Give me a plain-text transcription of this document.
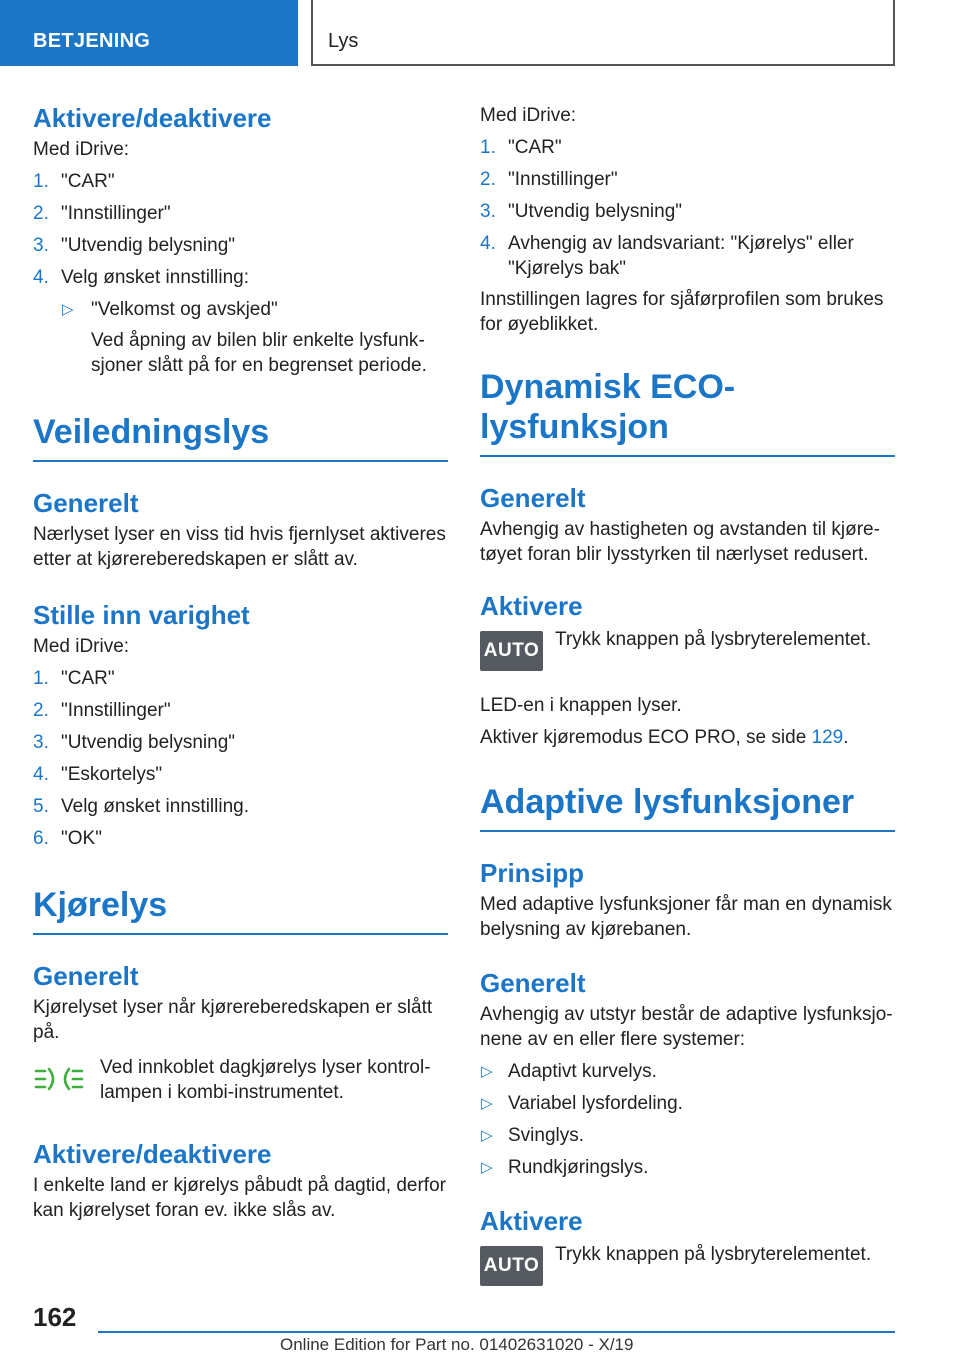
BETJENING	Lys
Aktivere/deaktivere

Med iDrive:

1. "CAR"
2. "Innstillinger"
3. "Utvendig belysning"
4. Velg ønsket innstilling:
▷ "Velkomst og avskjed"

Ved åpning av bilen blir enkelte lysfunksjoner slått på for en begrenset periode.

Veiledningslys
Generelt

Nærlyset lyser en viss tid hvis fjernlyset aktiveres etter at kjørereberedskapen er slått av.

Stille inn varighet

Med iDrive:

1. "CAR"
2. "Innstillinger"
3. "Utvendig belysning"
4. "Eskortelys"
5. Velg ønsket innstilling.
6. "OK"
Kjørelys
Generelt

Kjørelyset lyser når kjørereberedskapen er slått på.

Ved innkoblet dagkjørelys lyser kontrollampen i kombi-instrumentet.

Aktivere/deaktivere

I enkelte land er kjørelys påbudt på dagtid, derfor kan kjørelyset foran ev. ikke slås av.

Med iDrive:

1. "CAR"
2. "Innstillinger"
3. "Utvendig belysning"
4. Avhengig av landsvariant: "Kjørelys" eller "Kjørelys bak"

Innstillingen lagres for sjåførprofilen som brukes for øyeblikket.

Dynamisk ECO-lysfunksjon
Generelt

Avhengig av hastigheten og avstanden til kjøretøyet foran blir lysstyrken til nærlyset redusert.

Aktivere
AUTO

Trykk knappen på lysbryterelementet.

LED-en i knappen lyser.

Aktiver kjøremodus ECO PRO, se side 129.

Adaptive lysfunksjoner
Prinsipp

Med adaptive lysfunksjoner får man en dynamisk belysning av kjørebanen.

Generelt

Avhengig av utstyr består de adaptive lysfunksjonene av en eller flere systemer:

▷ Adaptivt kurvelys.
▷ Variabel lysfordeling.
▷ Svinglys.
▷ Rundkjøringslys.
Aktivere
AUTO

Trykk knappen på lysbryterelementet.

162
Online Edition for Part no. 01402631020 - X/19
